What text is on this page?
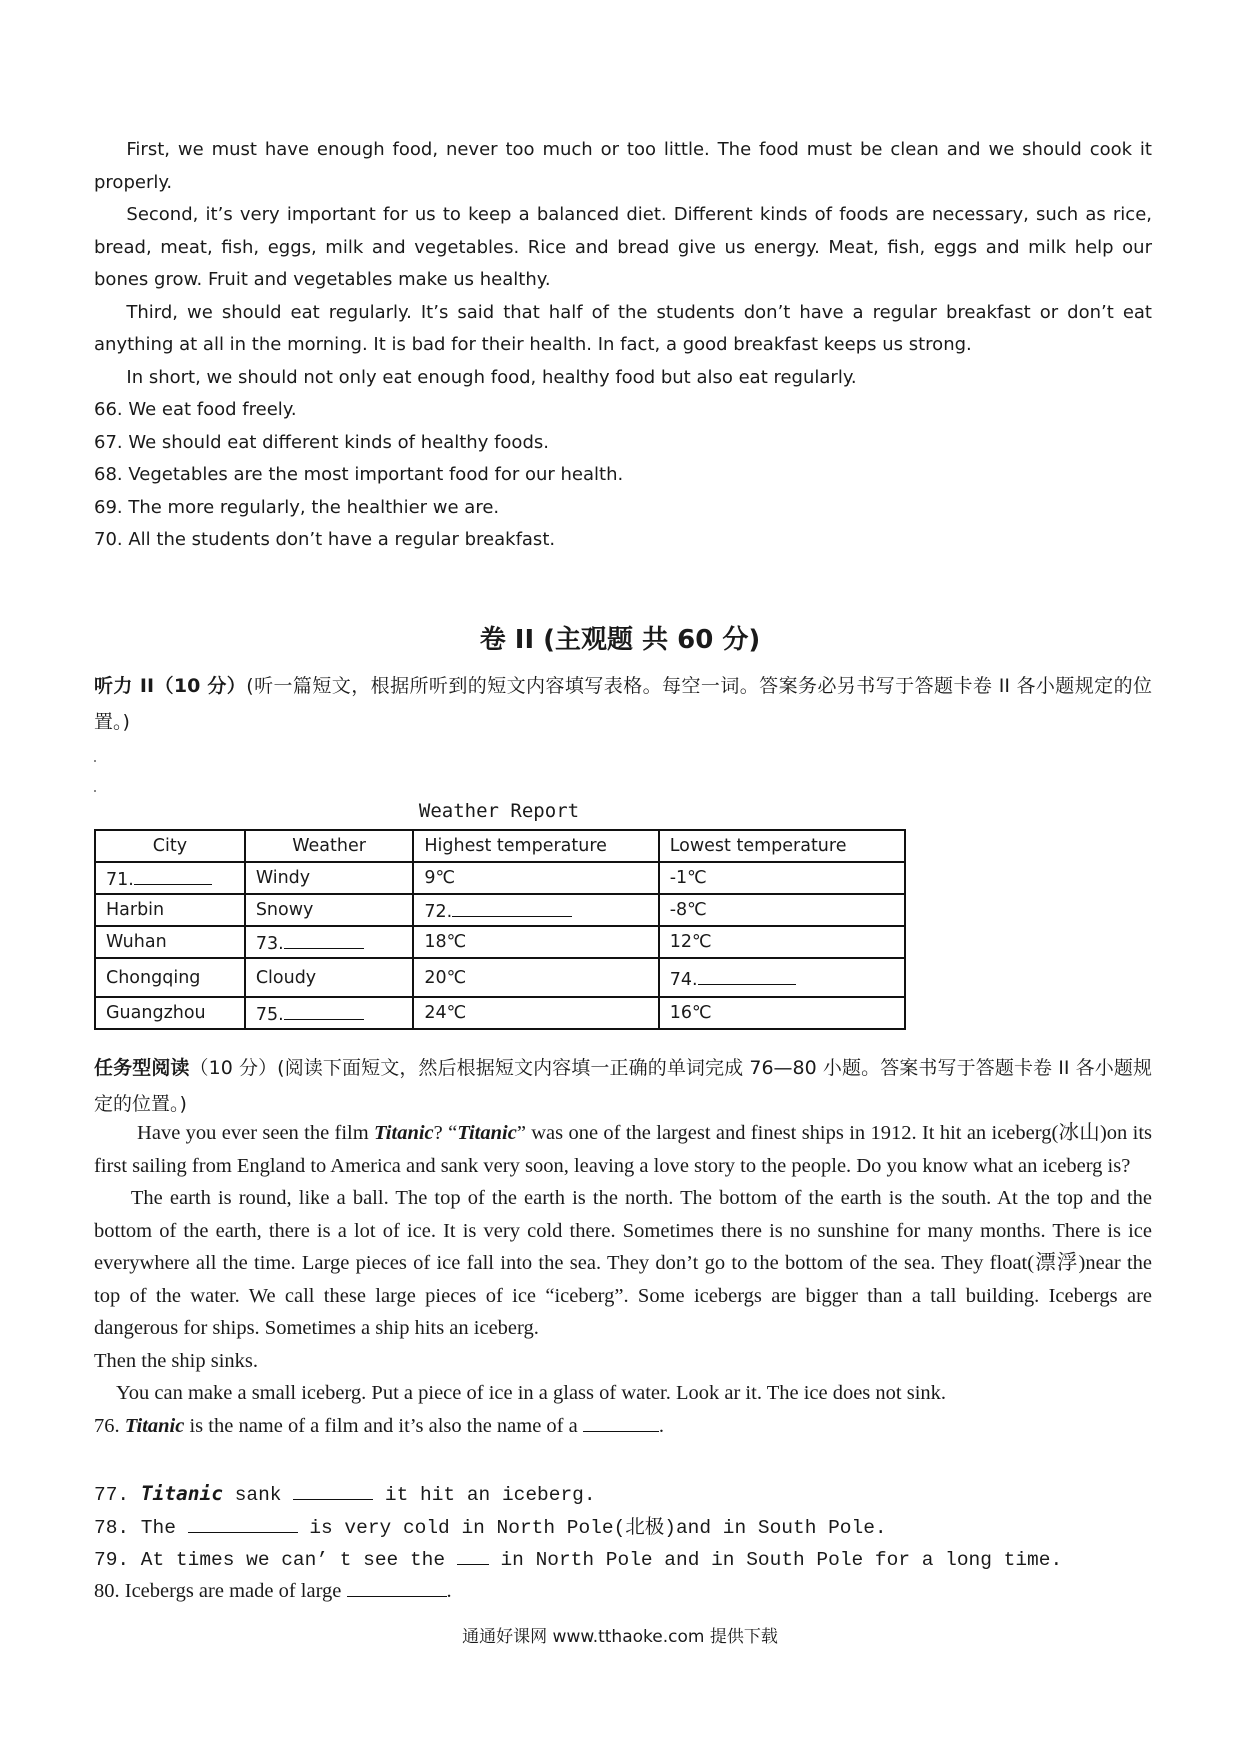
First, we must have enough food, never too much or too little. The food must be clean and we should cook it properly.

Second, it’s very important for us to keep a balanced diet. Different kinds of foods are necessary, such as rice, bread, meat, fish, eggs, milk and vegetables. Rice and bread give us energy. Meat, fish, eggs and milk help our bones grow. Fruit and vegetables make us healthy.

Third, we should eat regularly. It’s said that half of the students don’t have a regular breakfast or don’t eat anything at all in the morning. It is bad for their health. In fact, a good breakfast keeps us strong.

In short, we should not only eat enough food, healthy food but also eat regularly.

66. We eat food freely.

67. We should eat different kinds of healthy foods.

68. Vegetables are the most important food for our health.

69. The more regularly, the healthier we are.

70. All the students don’t have a regular breakfast.

卷 II (主观题 共 60 分)

听力 II（10 分）(听一篇短文，根据所听到的短文内容填写表格。每空一词。答案务必另书写于答题卡卷 II 各小题规定的位置。)

Weather Report
City	Weather	Highest temperature	Lowest temperature
71.	Windy	9℃	-1℃
Harbin	Snowy	72.	-8℃
Wuhan	73.	18℃	12℃
Chongqing	Cloudy	20℃	74.
Guangzhou	75.	24℃	16℃

任务型阅读（10 分）(阅读下面短文，然后根据短文内容填一正确的单词完成 76—80 小题。答案书写于答题卡卷 II 各小题规定的位置。)

Have you ever seen the film Titanic? “Titanic” was one of the largest and finest ships in 1912. It hit an iceberg(冰山)on its first sailing from England to America and sank very soon, leaving a love story to the people. Do you know what an iceberg is?

The earth is round, like a ball. The top of the earth is the north. The bottom of the earth is the south. At the top and the bottom of the earth, there is a lot of ice. It is very cold there. Sometimes there is no sunshine for many months. There is ice everywhere all the time. Large pieces of ice fall into the sea. They don’t go to the bottom of the sea. They float(漂浮)near the top of the water. We call these large pieces of ice “iceberg”. Some icebergs are bigger than a tall building. Icebergs are dangerous for ships. Sometimes a ship hits an iceberg.

Then the ship sinks.

You can make a small iceberg. Put a piece of ice in a glass of water. Look ar it. The ice does not sink.

76. Titanic is the name of a film and it’s also the name of a	.

77. Titanic sank	it hit an iceberg.

78. The	is very cold in North Pole(北极)and in South Pole.

79. At times we can’ t see the  in North Pole and in South Pole for a long time.

80. Icebergs are made of large	.

通通好课网 www.tthaoke.com 提供下载
